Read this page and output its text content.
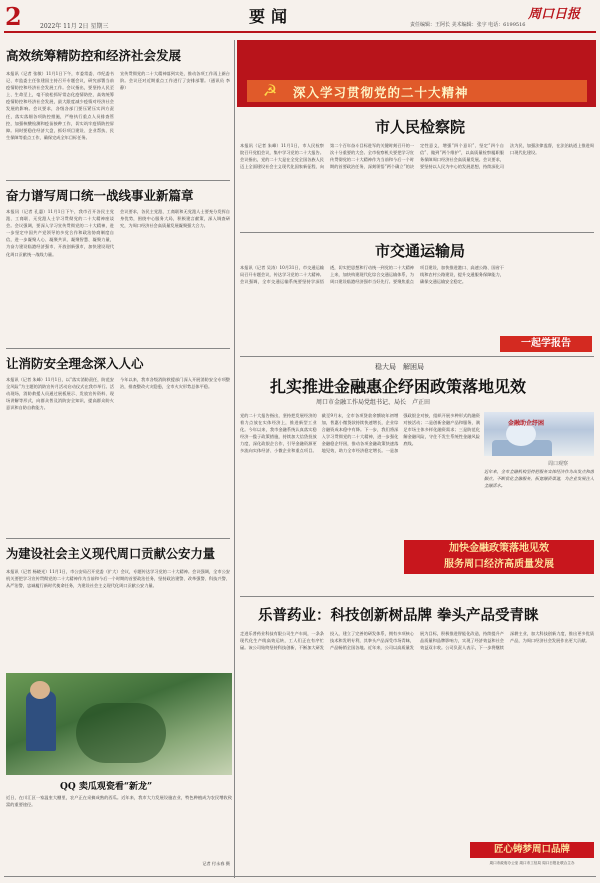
2	2022年 11月 2日 星期三
要闻	责任编辑：王阿长 美术编辑：张宇 电话：6199516
周口日报
高效统筹精防控和经济社会发展
本报讯（记者 张敏）11月1日下午，市委常委、市纪委书记、市监委主任张建国主持召开专题会议，研究部署当前疫情防控和经济社会发展工作。会议指出，要坚持人民至上、生命至上，毫不放松抓好常态化疫情防控，高效统筹疫情防控和经济社会发展，最大限度减少疫情对经济社会发展的影响。会议要求，各级各部门要压紧压实四方责任，落实落细各项防控措施，严格执行重点人员排查管控，加强核酸检测和疫苗接种工作，切实筑牢疫情防控屏障。同时要稳住经济大盘，抓好项目建设、企业帮扶、民生保障等重点工作，确保完成全年目标任务。
宣传贯彻党的二十大精神落到实处，推动各项工作再上新台阶。会议还对近期重点工作进行了安排部署。（通讯员 李静）
奋力谱写周口统一战线事业新篇章
本报讯（记者 孔惠）11月1日下午，我市召开各民主党派、工商联、无党派人士学习贯彻党的二十大精神座谈会。会议强调，要深入学习宣传贯彻党的二十大精神，进一步坚定中国共产党领导的多党合作和政治协商制度自信，进一步凝聚人心、凝聚共识、凝聚智慧、凝聚力量，为奋力建设临港经济强市、开放创新强市，加快建设现代化周口贡献统一战线力量。
会议要求，各民主党派、工商联和无党派人士要充分发挥自身优势，围绕中心服务大局，积极建言献策，深入调查研究，为周口经济社会高质量发展凝聚强大合力。
让消防安全理念深入人心
本报讯（记者 朱峰）11月1日，以“落实消防责任，防范安全风险”为主题的消防宣传月活动启动仪式在我市举行。活动现场，消防救援人员通过展板展示、发放宣传资料、现场讲解等形式，向群众普及消防安全知识，提高群众防火意识和自防自救能力。
今年以来，我市各级消防救援部门深入开展消防安全专项整治，排查整改火灾隐患，全市火灾形势总体平稳。
为建设社会主义现代周口贡献公安力量
本报讯（记者 杨晓光）11月1日，市公安局召开党委（扩大）会议，专题传达学习党的二十大精神。会议强调，全市公安机关要把学习宣传贯彻党的二十大精神作为当前和今后一个时期的首要政治任务，坚持政治建警、改革强警、科技兴警、从严治警，忠诚履行新时代使命任务，为建设社会主义现代化周口贡献公安力量。
QQ 卖瓜观瓷看“新龙”
近日，在川汇区一家温室大棚里，农户正在采摘成熟的西瓜。近年来，我市大力发展设施农业，特色种植成为农民增收致富的重要途径。
记者 付永春 摄
☭	深入学习贯彻党的二十大精神
市人民检察院
本报讯（记者 朱峰）11月1日，市人民检察院召开党组会议，集中学习党的二十大报告。会议指出，党的二十大是在全党全国各族人民迈上全面建设社会主义现代化国家新征程、向第二个百年奋斗目标进军的关键时刻召开的一次十分重要的大会。全市检察机关要把学习宣传贯彻党的二十大精神作为当前和今后一个时期的首要政治任务，深刻领悟“两个确立”的决定性意义，增强“四个意识”、坚定“四个自信”、做到“两个维护”，以高质量检察履职服务保障周口经济社会高质量发展。会议要求，要坚持以人民为中心的发展思想，持续深化司法为民，加强法律监督，在法治轨道上推进周口现代化建设。
市交通运输局
本报讯（记者 吴涛）10月31日，市交通运输局召开专题会议，传达学习党的二十大精神。会议强调，全市交通运输系统要坚持学深悟透，切实把思想和行动统一到党的二十大精神上来，加快构建现代化综合交通运输体系，为周口建设临港经济强市当好先行。要聚焦重点项目建设，加快推进港口、高速公路、国省干线和农村公路建设，提升交通服务保障能力，确保交通运输安全稳定。
一起学报告
稳大局　解困局
扎实推进金融惠企纾困政策落地见效
周口市金融工作局党组书记、局长　卢正田
党的二十大报告指出，坚持把发展经济的着力点放在实体经济上，推进新型工业化。今年以来，我市金融系统认真落实稳经济一揽子政策措施，持续加大信贷投放力度，深化政银企合作，引导金融资源更多流向实体经济、小微企业和重点项目。截至9月末，全市各项贷款余额较年初增加，普惠小微贷款持续快速增长，企业综合融资成本稳中有降。下一步，我们将深入学习贯彻党的二十大精神，进一步强化金融稳企纾困，推动各项金融政策快速落地见效，助力全市经济稳定增长。一是加强政银企对接，组织开展多种形式的融资对接活动；二是创新金融产品和服务，满足市场主体多样化融资需求；三是防范化解金融风险，守住不发生系统性金融风险底线。
金融助企纾困
周口观察
近年来，全市金融机构坚持把服务实体经济作为出发点和落脚点，不断优化金融服务，拓宽融资渠道，为企业发展注入金融活水。
加快金融政策落地见效
服务周口经济高质量发展
乐普药业：科技创新树品牌 拳头产品受青睐
走进乐普药业科技有限公司生产车间，一条条现代化生产线高效运转，工人们正在有序忙碌。该公司始终坚持科技创新，不断加大研发投入，建立了完善的研发体系，拥有多项核心技术和发明专利，其拳头产品深受市场青睐，产品畅销全国各地。近年来，公司以高质量发展为目标，积极推进智能化改造，持续提升产品质量和品牌影响力，实现了经济效益和社会效益双丰收。公司负责人表示，下一步将继续深耕主业，加大科技创新力度，推出更多优质产品，为周口经济社会发展作出更大贡献。
匠心铸梦周口品牌
周口市政府办公室 周口市工信局 周口日报社联合主办
